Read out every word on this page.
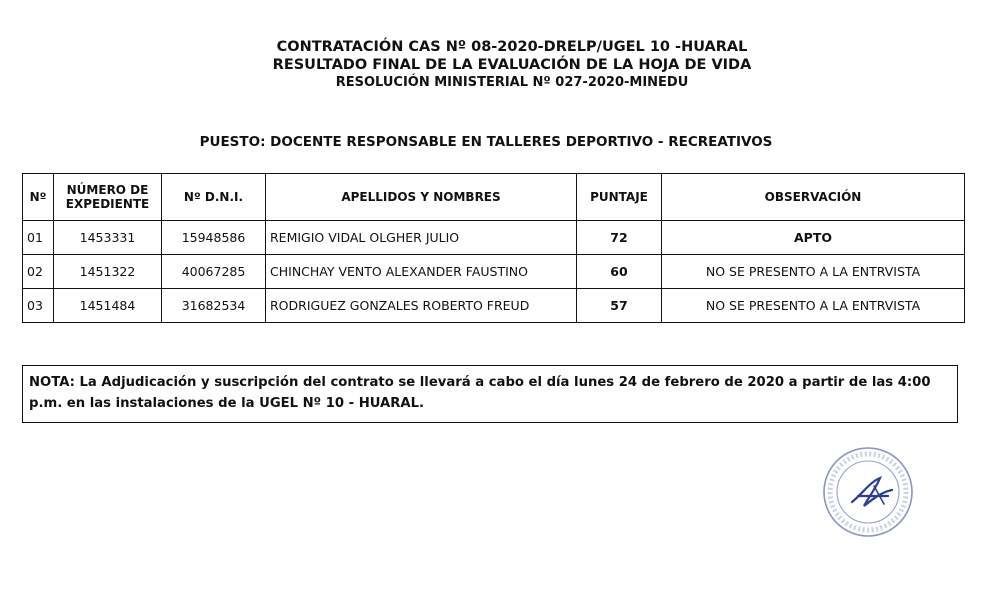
CONTRATACIÓN CAS Nº 08-2020-DRELP/UGEL 10 -HUARAL
RESULTADO FINAL DE LA EVALUACIÓN DE LA HOJA DE VIDA
RESOLUCIÓN MINISTERIAL Nº 027-2020-MINEDU
PUESTO: DOCENTE RESPONSABLE EN TALLERES DEPORTIVO - RECREATIVOS
Nº	NÚMERO DE EXPEDIENTE	Nº D.N.I.	APELLIDOS Y NOMBRES	PUNTAJE	OBSERVACIÓN
01	1453331	15948586	REMIGIO VIDAL OLGHER JULIO	72	APTO
02	1451322	40067285	CHINCHAY VENTO ALEXANDER FAUSTINO	60	NO SE PRESENTO A LA ENTRVISTA
03	1451484	31682534	RODRIGUEZ GONZALES ROBERTO FREUD	57	NO SE PRESENTO A LA ENTRVISTA
NOTA: La Adjudicación y suscripción del contrato se llevará a cabo el día lunes 24 de febrero de 2020 a partir de las 4:00 p.m. en las instalaciones de la UGEL Nº 10 - HUARAL.
